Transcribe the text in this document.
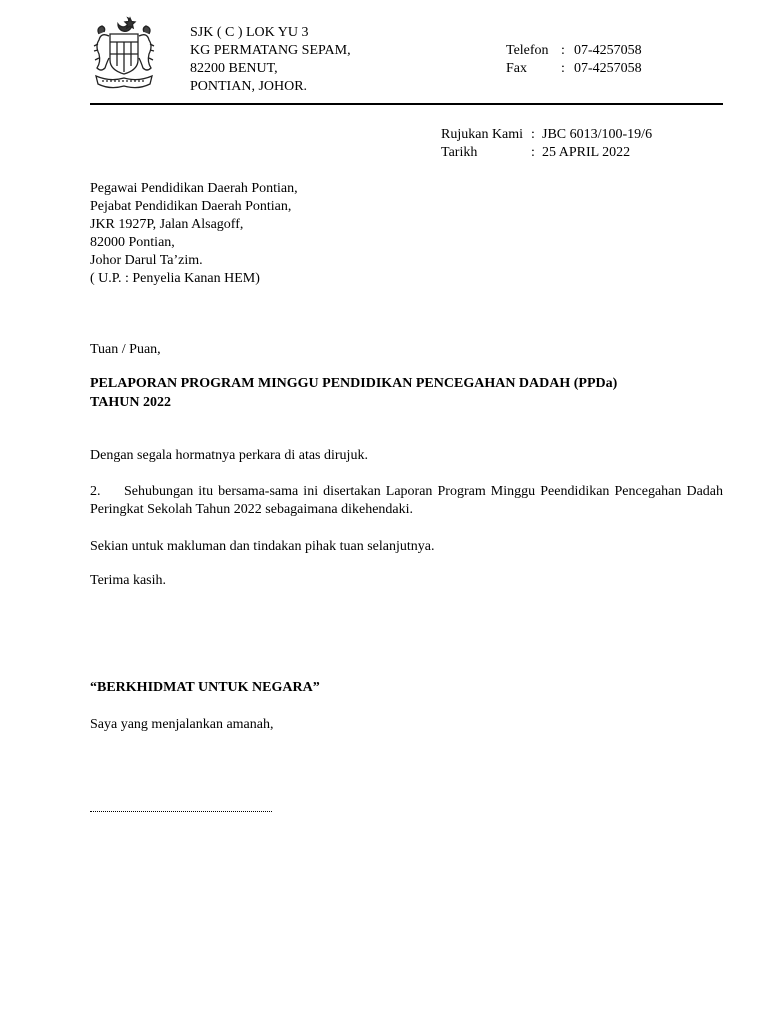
SJK ( C ) LOK YU 3
KG PERMATANG SEPAM,
82200 BENUT,
PONTIAN, JOHOR.
Telefon : 07-4257058
Fax : 07-4257058
Rujukan Kami : JBC 6013/100-19/6
Tarikh	: 25 APRIL 2022
Pegawai Pendidikan Daerah Pontian,
Pejabat Pendidikan Daerah Pontian,
JKR 1927P, Jalan Alsagoff,
82000 Pontian,
Johor Darul Ta’zim.
( U.P. : Penyelia Kanan HEM)
Tuan / Puan,
PELAPORAN PROGRAM MINGGU PENDIDIKAN PENCEGAHAN DADAH (PPDa)
TAHUN 2022
Dengan segala hormatnya perkara di atas dirujuk.
2. Sehubungan itu bersama-sama ini disertakan Laporan Program Minggu Peendidikan Pencegahan Dadah Peringkat Sekolah Tahun 2022 sebagaimana dikehendaki.
Sekian untuk makluman dan tindakan pihak tuan selanjutnya.
Terima kasih.
“BERKHIDMAT UNTUK NEGARA”
Saya yang menjalankan amanah,
